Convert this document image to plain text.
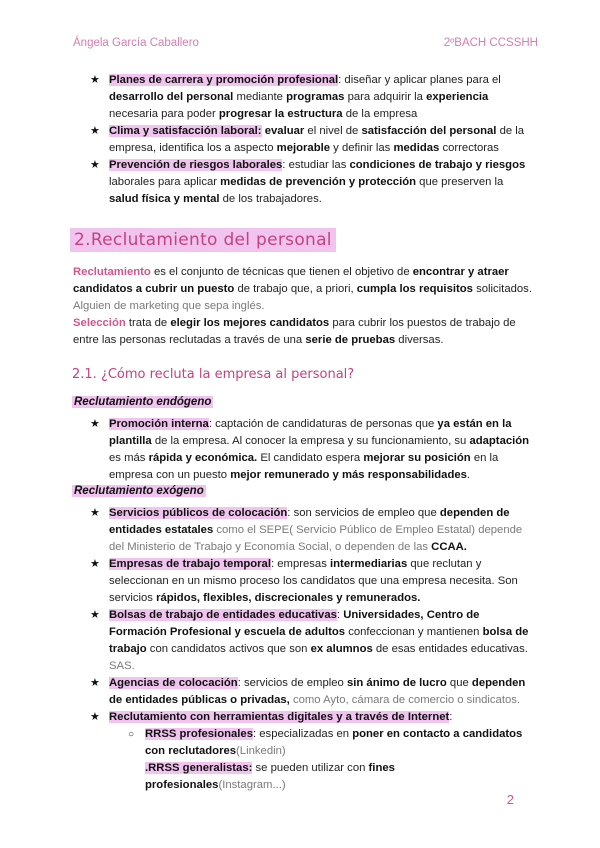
Ángela García Caballero	2ºBACH CCSSHH
★ Planes de carrera y promoción profesional: diseñar y aplicar planes para el desarrollo del personal mediante programas para adquirir la experiencia necesaria para poder progresar la estructura de la empresa
★ Clima y satisfacción laboral: evaluar el nivel de satisfacción del personal de la empresa, identifica los a aspecto mejorable y definir las medidas correctoras
★ Prevención de riesgos laborales: estudiar las condiciones de trabajo y riesgos laborales para aplicar medidas de prevención y protección que preserven la salud física y mental de los trabajadores.
2.Reclutamiento del personal
Reclutamiento es el conjunto de técnicas que tienen el objetivo de encontrar y atraer candidatos a cubrir un puesto de trabajo que, a priori, cumpla los requisitos solicitados.
Alguien de marketing que sepa inglés.
Selección trata de elegir los mejores candidatos para cubrir los puestos de trabajo de entre las personas reclutadas a través de una serie de pruebas diversas.
2.1. ¿Cómo recluta la empresa al personal?
Reclutamiento endógeno
★ Promoción interna: captación de candidaturas de personas que ya están en la plantilla de la empresa. Al conocer la empresa y su funcionamiento, su adaptación es más rápida y económica. El candidato espera mejorar su posición en la empresa con un puesto mejor remunerado y más responsabilidades.
Reclutamiento exógeno
★ Servicios públicos de colocación: son servicios de empleo que dependen de entidades estatales como el SEPE( Servicio Público de Empleo Estatal) depende del Ministerio de Trabajo y Economía Social, o dependen de las CCAA.
★ Empresas de trabajo temporal: empresas intermediarias que reclutan y seleccionan en un mismo proceso los candidatos que una empresa necesita. Son servicios rápidos, flexibles, discrecionales y remunerados.
★ Bolsas de trabajo de entidades educativas: Universidades, Centro de Formación Profesional y escuela de adultos confeccionan y mantienen bolsa de trabajo con candidatos activos que son ex alumnos de esas entidades educativas. SAS.
★ Agencias de colocación: servicios de empleo sin ánimo de lucro que dependen de entidades públicas o privadas, como Ayto, cámara de comercio o sindicatos.
★ Reclutamiento con herramientas digitales y a través de Internet:
○ RRSS profesionales: especializadas en poner en contacto a candidatos con reclutadores(Linkedin)
.RRSS generalistas: se pueden utilizar con fines profesionales(Instagram...)
2
